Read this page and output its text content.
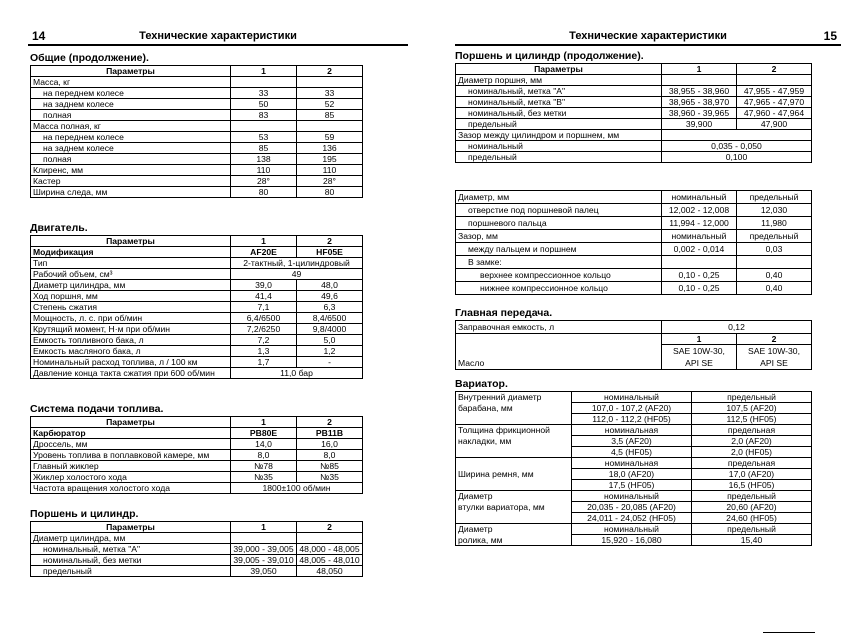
14	Технические характеристики
Общие (продолжение).
Параметры	1	2
Масса, кг		
на переднем колесе	33	33
на заднем колесе	50	52
полная	83	85
Масса полная, кг		
на переднем колесе	53	59
на заднем колесе	85	136
полная	138	195
Клиренс, мм	110	110
Кастер	28°	28°
Ширина следа, мм	80	80
Двигатель.
Параметры	1	2
Модификация	AF20E	HF05E
Тип	2-тактный, 1-цилиндровый	
Рабочий объем, см³	49	
Диаметр цилиндра, мм	39,0	48,0
Ход поршня, мм	41,4	49,6
Степень сжатия	7,1	6,3
Мощность, л. с. при об/мин	6,4/6500	8,4/6500
Крутящий момент, Н·м при об/мин	7,2/6250	9,8/4000
Емкость топливного бака, л	7,2	5,0
Емкость масляного бака, л	1,3	1,2
Номинальный расход топлива, л / 100 км	1,7	-
Давление конца такта сжатия при 600 об/мин	11,0 бар	
Система подачи топлива.
Параметры	1	2
Карбюратор	PB80E	PB11B
Дроссель, мм	14,0	16,0
Уровень топлива в поплавковой камере, мм	8,0	8,0
Главный жиклер	№78	№85
Жиклер холостого хода	№35	№35
Частота вращения холостого хода	1800±100 об/мин	
Поршень и цилиндр.
Параметры	1	2
Диаметр цилиндра, мм		
номинальный, метка "А"	39,000 - 39,005	48,000 - 48,005
номинальный, без метки	39,005 - 39,010	48,005 - 48,010
предельный	39,050	48,050
Технические характеристики	15
Поршень и цилиндр (продолжение).
Параметры	1	2
Диаметр поршня, мм		
номинальный, метка "А"	38,955 - 38,960	47,955 - 47,959
номинальный, метка "В"	38,965 - 38,970	47,965 - 47,970
номинальный, без метки	38,960 - 39,965	47,960 - 47,964
предельный	39,900	47,900
Зазор между цилиндром и поршнем, мм		
номинальный	0,035 - 0,050	
предельный	0,100	
Диаметр, мм	номинальный	предельный
отверстие под поршневой палец	12,002 - 12,008	12,030
поршневого пальца	11,994 - 12,000	11,980
Зазор, мм	номинальный	предельный
между пальцем и поршнем	0,002 - 0,014	0,03
В замке:		
верхнее компрессионное кольцо	0,10 - 0,25	0,40
нижнее компрессионное кольцо	0,10 - 0,25	0,40
Главная передача.
Заправочная емкость, л	0,12	
Масло	1	2
	SAE 10W-30,	SAE 10W-30,
	API SE	API SE
Вариатор.
Внутренний диаметр	номинальный	предельный
барабана, мм	107,0 - 107,2 (AF20)	107,5 (AF20)
	112,0 - 112,2 (HF05)	112,5 (HF05)
Толщина фрикционной	номинальная	предельная
накладки, мм	3,5 (AF20)	2,0 (AF20)
	4,5 (HF05)	2,0 (HF05)
	номинальная	предельная
Ширина ремня, мм	18,0 (AF20)	17,0 (AF20)
	17,5 (HF05)	16,5 (HF05)
Диаметр	номинальный	предельный
втулки вариатора, мм	20,035 - 20,085 (AF20)	20,60 (AF20)
	24,011 - 24,052 (HF05)	24,60 (HF05)
Диаметр	номинальный	предельный
ролика, мм	15,920 - 16,080	15,40
